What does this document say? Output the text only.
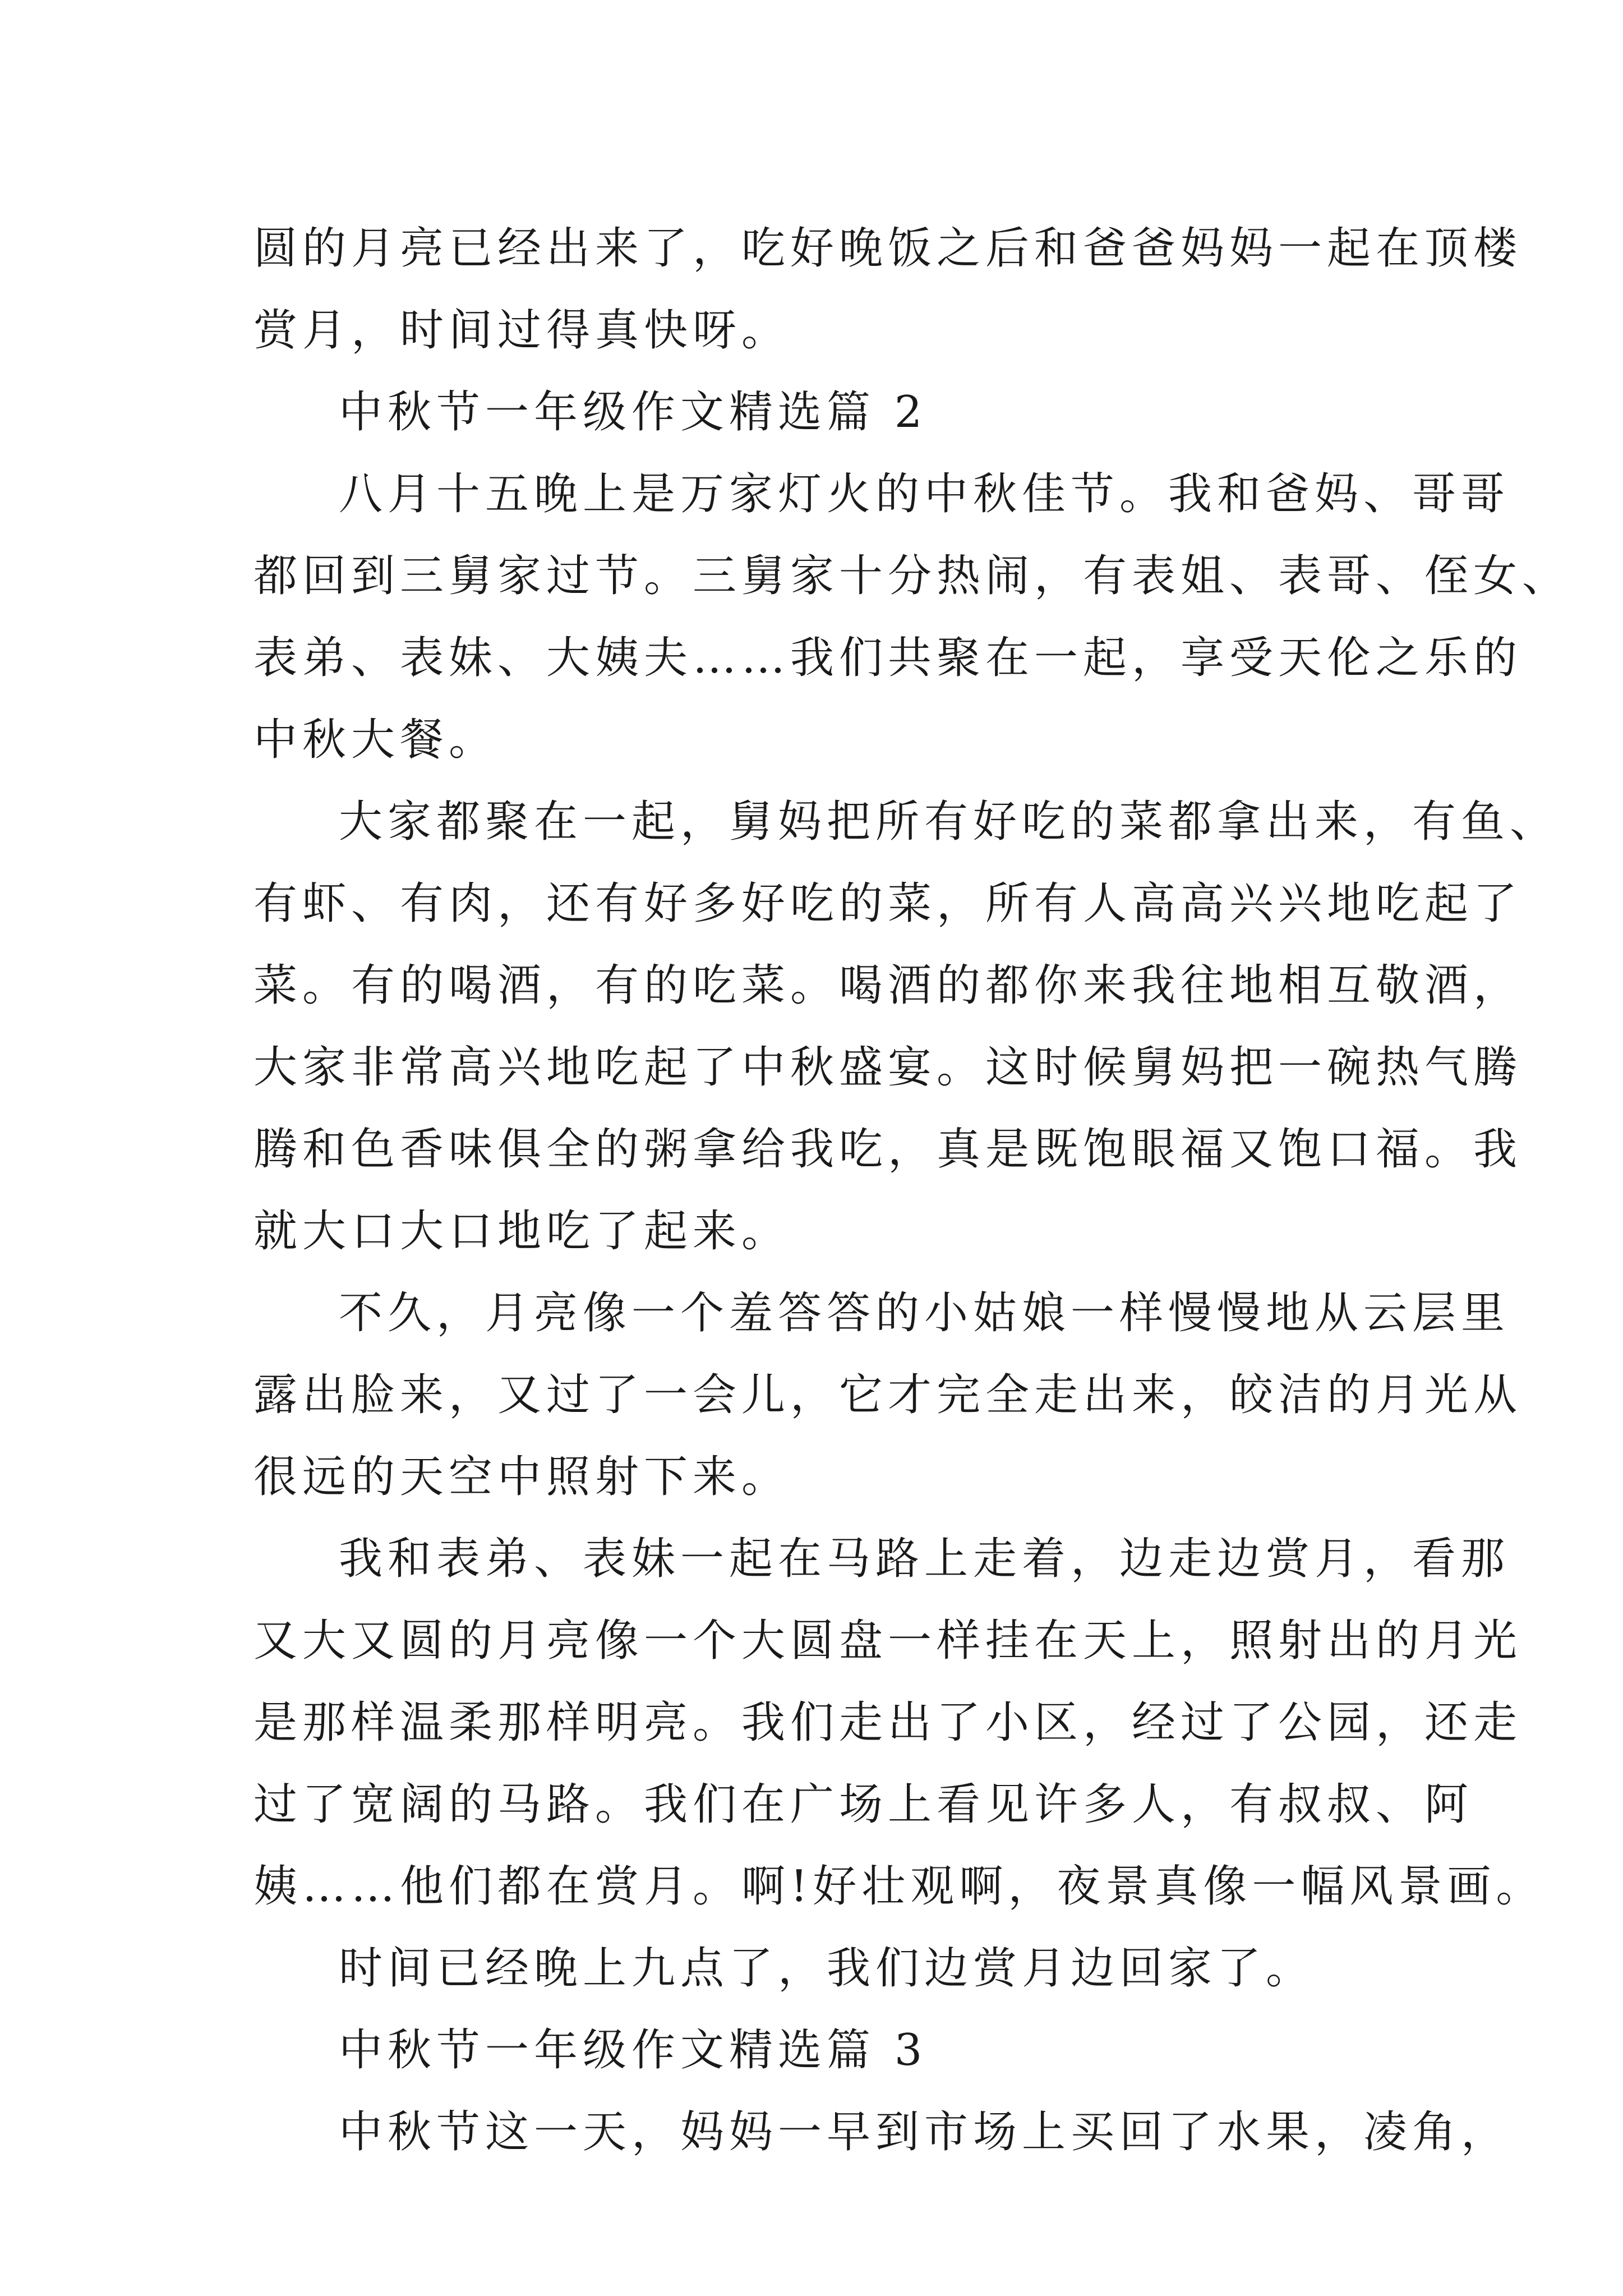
圆的月亮已经出来了，吃好晚饭之后和爸爸妈妈一起在顶楼
赏月，时间过得真快呀。
中秋节一年级作文精选篇 2
八月十五晚上是万家灯火的中秋佳节。我和爸妈、哥哥
都回到三舅家过节。三舅家十分热闹，有表姐、表哥、侄女、
表弟、表妹、大姨夫……我们共聚在一起，享受天伦之乐的
中秋大餐。
大家都聚在一起，舅妈把所有好吃的菜都拿出来，有鱼、
有虾、有肉，还有好多好吃的菜，所有人高高兴兴地吃起了
菜。有的喝酒，有的吃菜。喝酒的都你来我往地相互敬酒，
大家非常高兴地吃起了中秋盛宴。这时候舅妈把一碗热气腾
腾和色香味俱全的粥拿给我吃，真是既饱眼福又饱口福。我
就大口大口地吃了起来。
不久，月亮像一个羞答答的小姑娘一样慢慢地从云层里
露出脸来，又过了一会儿，它才完全走出来，皎洁的月光从
很远的天空中照射下来。
我和表弟、表妹一起在马路上走着，边走边赏月，看那
又大又圆的月亮像一个大圆盘一样挂在天上，照射出的月光
是那样温柔那样明亮。我们走出了小区，经过了公园，还走
过了宽阔的马路。我们在广场上看见许多人，有叔叔、阿
姨……他们都在赏月。啊!好壮观啊，夜景真像一幅风景画。
时间已经晚上九点了，我们边赏月边回家了。
中秋节一年级作文精选篇 3
中秋节这一天，妈妈一早到市场上买回了水果，凌角，
